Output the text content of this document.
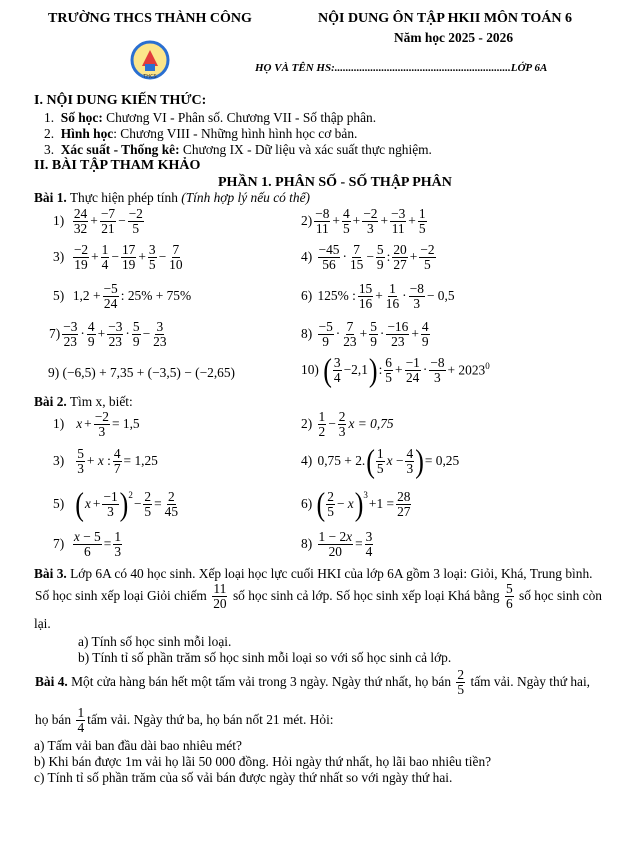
TRƯỜNG THCS THÀNH CÔNG	NỘI DUNG ÔN TẬP HKII MÔN TOÁN 6
Năm học 2025 - 2026
HỌ VÀ TÊN HS:................................................................LỚP 6A
THCS
I. NỘI DUNG KIẾN THỨC:
1. Số học: Chương VI - Phân số. Chương VII - Số thập phân.
2. Hình học: Chương VIII - Những hình hình học cơ bản.
3. Xác suất - Thống kê: Chương IX - Dữ liệu và xác suất thực nghiệm.
II. BÀI TẬP THAM KHẢO
PHẦN 1. PHÂN SỐ - SỐ THẬP PHÂN
Bài 1. Thực hiện phép tính (Tính hợp lý nếu có thể)
1)
$\frac{24}{32} + \frac{-7}{21} - \frac{-2}{5}$	$2) \frac{-8}{11} + \frac{4}{5} + \frac{-2}{3} + \frac{-3}{11} + \frac{1}{5}$
3)
$\frac{-2}{19} + \frac{1}{4} - \frac{17}{19} + \frac{3}{5} - \frac{7}{10}$	4)
$\frac{-45}{56} \cdot \frac{7}{15} - \frac{5}{9}$ : $\frac{20}{27} + \frac{-2}{5}$
5)
$1,2 + \frac{-5}{24}$ : 25% + 75%	6)
125% : $\frac{15}{16} + \frac{1}{16} \cdot \frac{-8}{3} - 0,5$
$7) \frac{-3}{23} \cdot \frac{4}{9} + \frac{-3}{23} \cdot \frac{5}{9} - \frac{3}{23}$	8)
$\frac{-5}{9} \cdot \frac{7}{23} + \frac{5}{9} \cdot \frac{-16}{23} + \frac{4}{9}$
9) (−6,5) + 7,35 + (−3,5) − (−2,65)	10)
( $\frac{3}{4} -2,1$ ) : $\frac{6}{5} + \frac{-1}{24} \cdot \frac{-8}{3} + 2023^0$
Bài 2. Tìm x, biết:
1)
$x + \frac{-2}{3} = 1,5$	2)
$\frac{1}{2} - \frac{2}{3}$ x = 0,75
3)
$\frac{5}{3} + x$ : $\frac{4}{7} = 1,25$	4)
0,75 + 2. ( $\frac{1}{5}$ $x - \frac{4}{3}$ ) = 0,25
5)
( $x + \frac{-1}{3} )^2$
− $\frac{2}{5} = \frac{2}{45}$	6)
( $\frac{2}{5} - x$ )$^3$
$+1 = \frac{28}{27}$
7)
$\frac{x - 5}{6} = \frac{1}{3}$	8)
$\frac{1 - 2x}{20} = \frac{3}{4}$
Bài 3. Lớp 6A có 40 học sinh. Xếp loại học lực cuối HKI của lớp 6A gồm 3 loại: Giỏi, Khá, Trung bình.
Số học sinh xếp loại Giỏi chiếm
$\frac{11}{20}$
số học sinh cả lớp. Số học sinh xếp loại Khá bằng
$\frac{5}{6}$
số học sinh còn
lại.
a) Tính số học sinh mỗi loại.
b) Tính tỉ số phần trăm số học sinh mỗi loại so với số học sinh cả lớp.
Bài 4. Một cửa hàng bán hết một tấm vải trong 3 ngày. Ngày thứ nhất, họ bán
$\frac{2}{5}$
tấm vải. Ngày thứ hai,
họ bán
$\frac{1}{4}$ tấm vải. Ngày thứ ba, họ bán nốt 21 mét. Hỏi:
a) Tấm vải ban đầu dài bao nhiêu mét?
b) Khi bán được 1m vải họ lãi 50 000 đồng. Hỏi ngày thứ nhất, họ lãi bao nhiêu tiền?
c) Tính tỉ số phần trăm của số vải bán được ngày thứ nhất so với ngày thứ hai.
